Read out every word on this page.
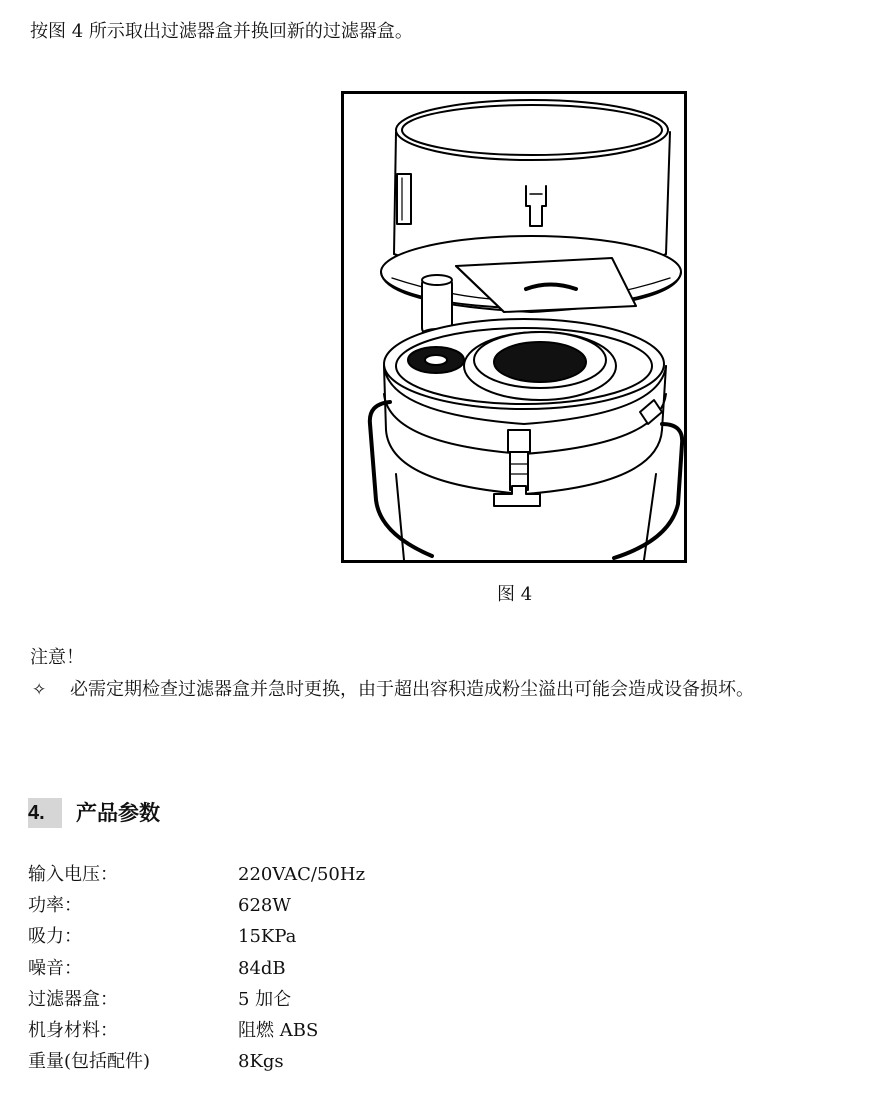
按图 4 所示取出过滤器盒并换回新的过滤器盒。
图 4
注意！
✧ 必需定期检查过滤器盒并急时更换，由于超出容积造成粉尘溢出可能会造成设备损坏。
4.	产品参数
输入电压：	220VAC/50Hz
功率：	628W
吸力：	15KPa
噪音：	84dB
过滤器盒：	5 加仑
机身材料：	阻燃 ABS
重量(包括配件)	8Kgs
